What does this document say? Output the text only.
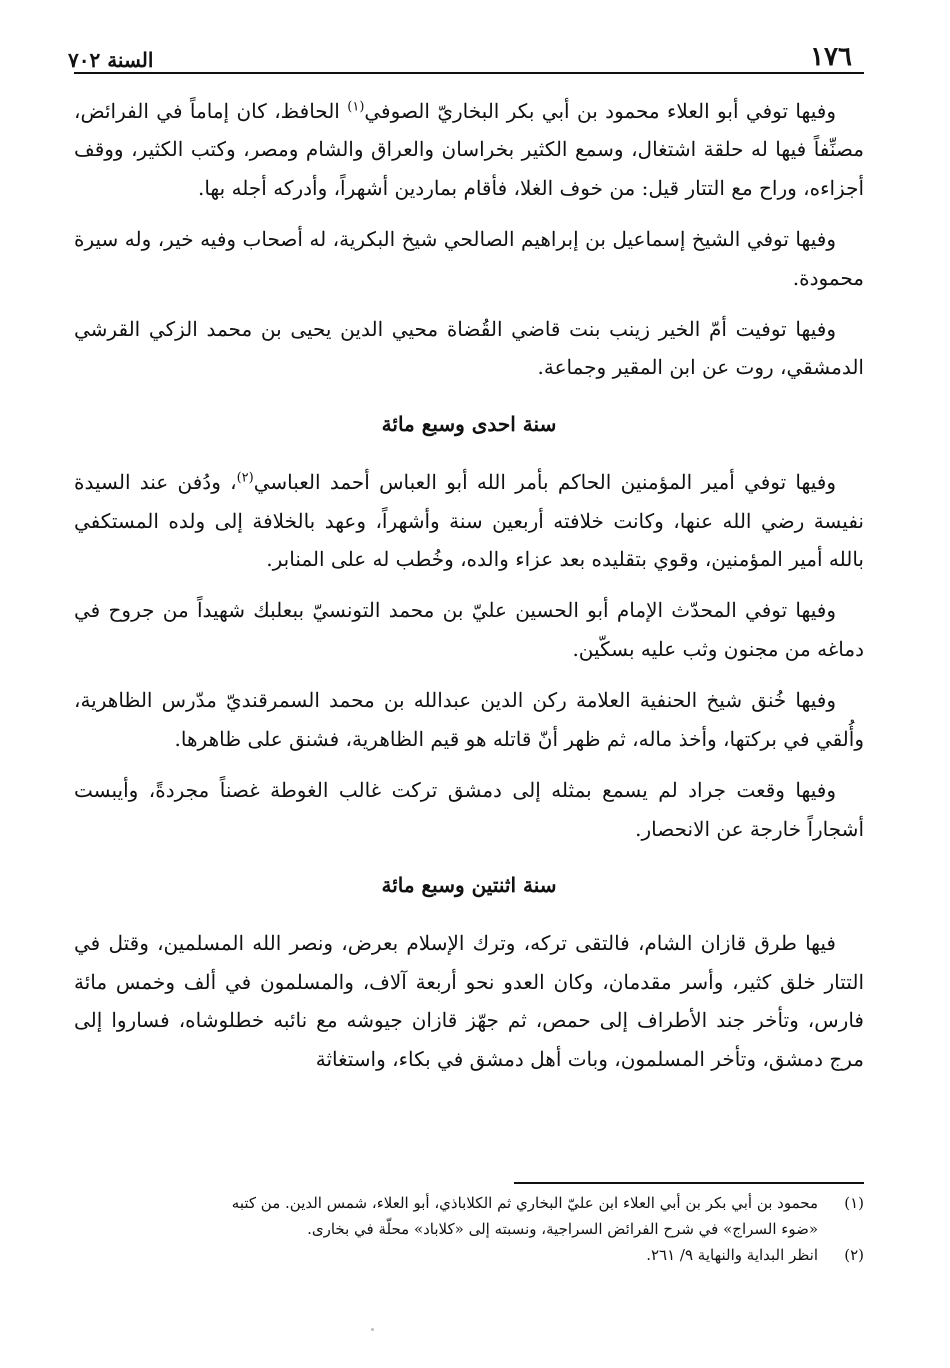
السنة ٧٠٢	١٧٦

وفيها توفي أبو العلاء محمود بن أبي بكر البخاريّ الصوفي$^{(١)}$ الحافظ، كان إماماً في الفرائض، مصنِّفاً فيها له حلقة اشتغال، وسمع الكثير بخراسان والعراق والشام ومصر، وكتب الكثير، ووقف أجزاءه، وراح مع التتار قيل: من خوف الغلا، فأقام بماردين أشهراً، وأدركه أجله بها.

وفيها توفي الشيخ إسماعيل بن إبراهيم الصالحي شيخ البكرية، له أصحاب وفيه خير، وله سيرة محمودة.

وفيها توفيت أمّ الخير زينب بنت قاضي القُضاة محيي الدين يحيى بن محمد الزكي القرشي الدمشقي، روت عن ابن المقير وجماعة.

سنة احدى وسبع مائة

وفيها توفي أمير المؤمنين الحاكم بأمر الله أبو العباس أحمد العباسي$^{(٢)}$، ودُفن عند السيدة نفيسة رضي الله عنها، وكانت خلافته أربعين سنة وأشهراً، وعهد بالخلافة إلى ولده المستكفي بالله أمير المؤمنين، وقوي بتقليده بعد عزاء والده، وخُطب له على المنابر.

وفيها توفي المحدّث الإمام أبو الحسين عليّ بن محمد التونسيّ ببعلبك شهيداً من جروح في دماغه من مجنون وثب عليه بسكّين.

وفيها خُنق شيخ الحنفية العلامة ركن الدين عبدالله بن محمد السمرقنديّ مدّرس الظاهرية، وأُلقي في بركتها، وأخذ ماله، ثم ظهر أنّ قاتله هو قيم الظاهرية، فشنق على ظاهرها.

وفيها وقعت جراد لم يسمع بمثله إلى دمشق تركت غالب الغوطة غصناً مجردةً، وأيبست أشجاراً خارجة عن الانحصار.

سنة اثنتين وسبع مائة

فيها طرق قازان الشام، فالتقى تركه، وترك الإسلام بعرض، ونصر الله المسلمين، وقتل في التتار خلق كثير، وأسر مقدمان، وكان العدو نحو أربعة آلاف، والمسلمون في ألف وخمس مائة فارس، وتأخر جند الأطراف إلى حمص، ثم جهّز قازان جيوشه مع نائبه خطلوشاه، فساروا إلى مرج دمشق، وتأخر المسلمون، وبات أهل دمشق في بكاء، واستغاثة

(١)
محمود بن أبي بكر بن أبي العلاء ابن عليّ البخاري ثم الكلاباذي، أبو العلاء، شمس الدين. من كتبه
«ضوء السراج» في شرح الفرائض السراجية، ونسبته إلى «كلاباد» محلّة في بخارى.
(٢)
انظر البداية والنهاية ٩/ ٢٦١.
